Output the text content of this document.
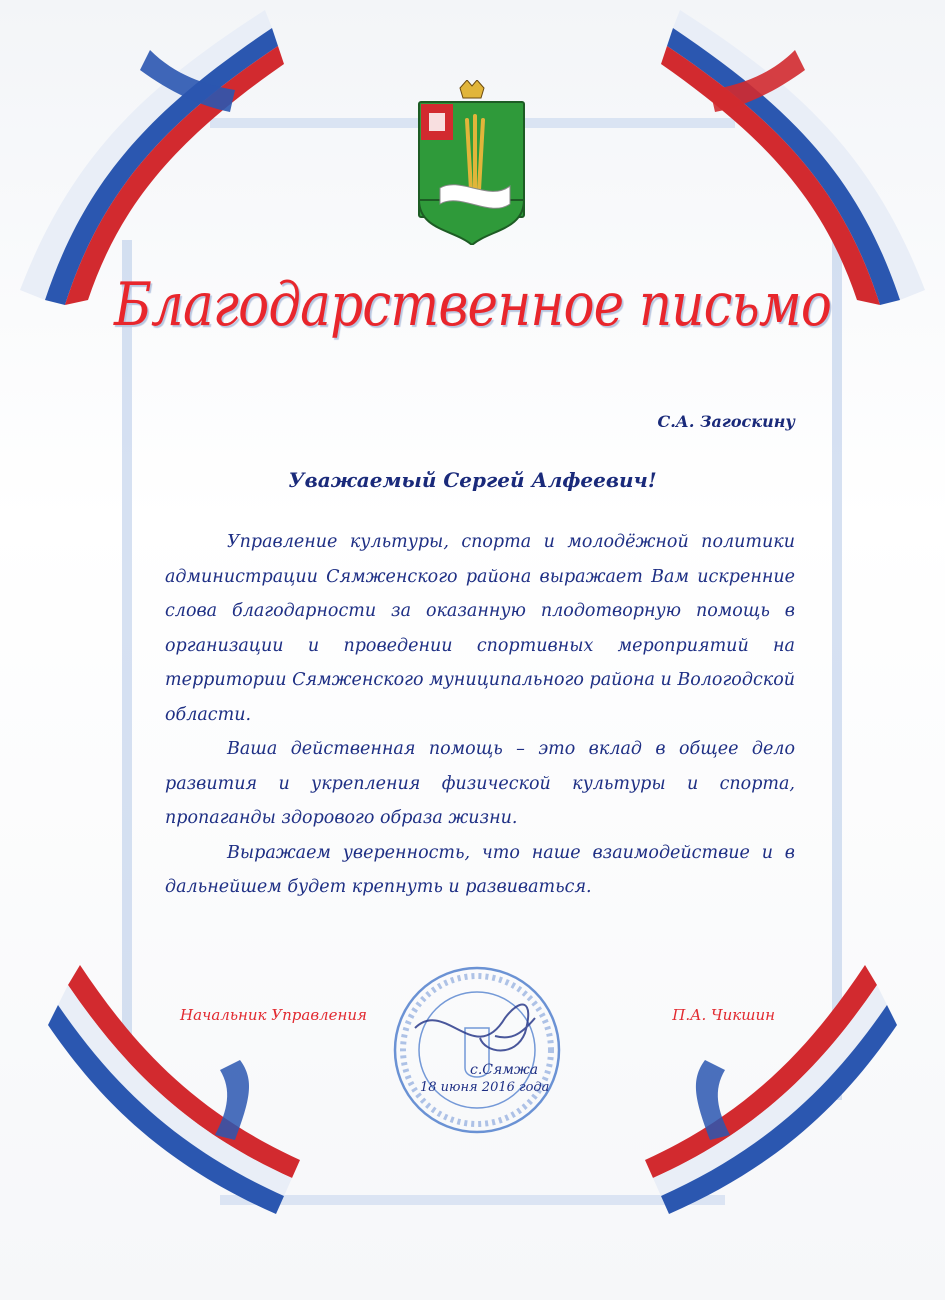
Благодарственное письмо
С.А. Загоскину
Уважаемый Сергей Алфеевич!

Управление культуры, спорта и молодёжной политики администрации Сямженского района выражает Вам искренние слова благодарности за оказанную плодотворную помощь в организации и проведении спортивных мероприятий на территории Сямженского муниципального района и Вологодской области.

Ваша действенная помощь – это вклад в общее дело развития и укрепления физической культуры и спорта, пропаганды здорового образа жизни.

Выражаем уверенность, что наше взаимодействие и в дальнейшем будет крепнуть и развиваться.

Начальник Управления	П.А. Чикшин
с.Сямжа
18 июня 2016 года
